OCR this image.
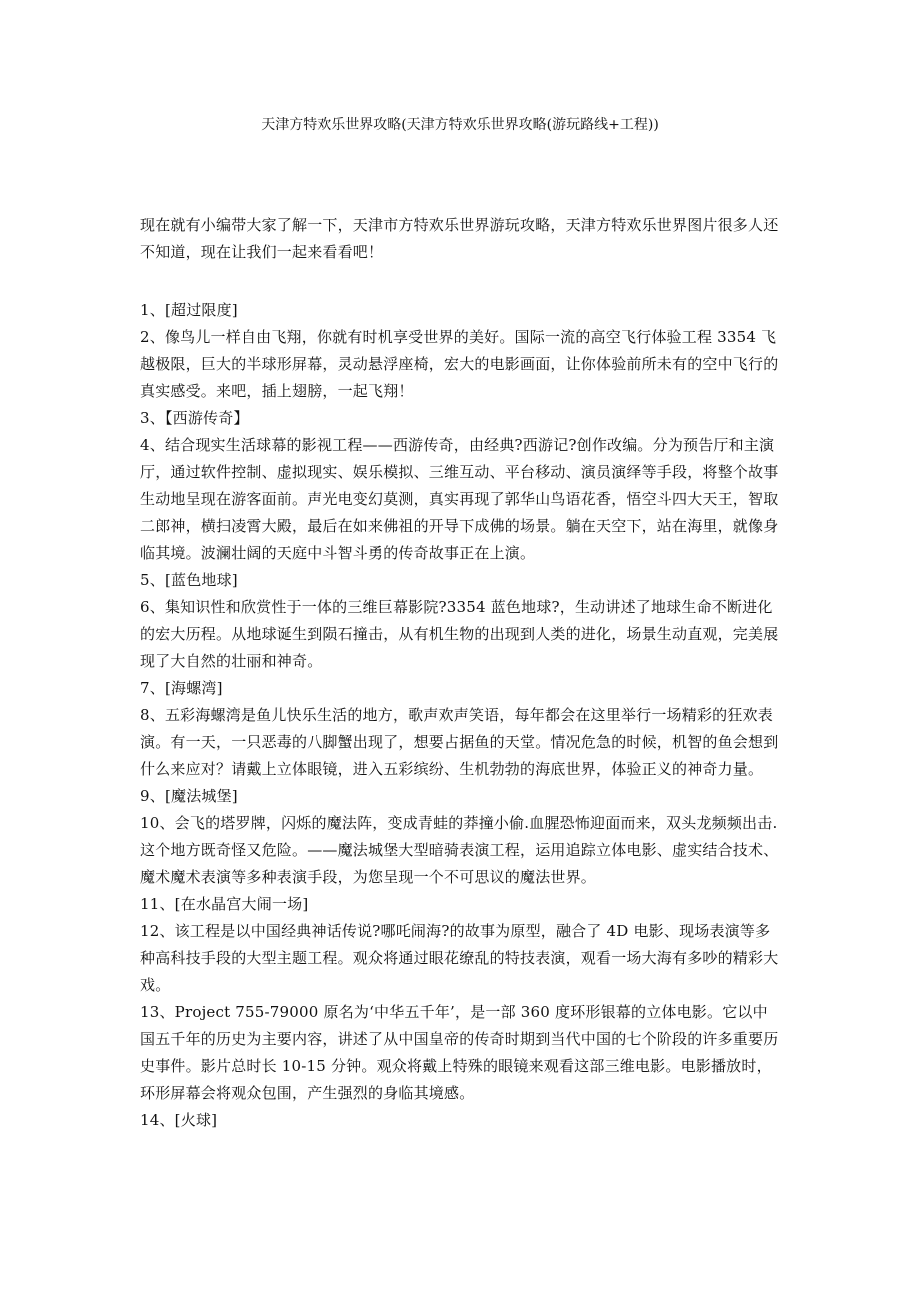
天津方特欢乐世界攻略(天津方特欢乐世界攻略(游玩路线+工程))

现在就有小编带大家了解一下，天津市方特欢乐世界游玩攻略，天津方特欢乐世界图片很多人还不知道，现在让我们一起来看看吧！

1、[超过限度]

2、像鸟儿一样自由飞翔，你就有时机享受世界的美好。国际一流的高空飞行体验工程 3354 飞越极限，巨大的半球形屏幕，灵动悬浮座椅，宏大的电影画面，让你体验前所未有的空中飞行的真实感受。来吧，插上翅膀，一起飞翔！

3、【西游传奇】

4、结合现实生活球幕的影视工程——西游传奇，由经典?西游记?创作改编。分为预告厅和主演厅，通过软件控制、虚拟现实、娱乐模拟、三维互动、平台移动、演员演绎等手段，将整个故事生动地呈现在游客面前。声光电变幻莫测，真实再现了郭华山鸟语花香，悟空斗四大天王，智取二郎神，横扫凌霄大殿，最后在如来佛祖的开导下成佛的场景。躺在天空下，站在海里，就像身临其境。波澜壮阔的天庭中斗智斗勇的传奇故事正在上演。

5、[蓝色地球]

6、集知识性和欣赏性于一体的三维巨幕影院?3354 蓝色地球?，生动讲述了地球生命不断进化的宏大历程。从地球诞生到陨石撞击，从有机生物的出现到人类的进化，场景生动直观，完美展现了大自然的壮丽和神奇。

7、[海螺湾]

8、五彩海螺湾是鱼儿快乐生活的地方，歌声欢声笑语，每年都会在这里举行一场精彩的狂欢表演。有一天，一只恶毒的八脚蟹出现了，想要占据鱼的天堂。情况危急的时候，机智的鱼会想到什么来应对？请戴上立体眼镜，进入五彩缤纷、生机勃勃的海底世界，体验正义的神奇力量。

9、[魔法城堡]

10、会飞的塔罗牌，闪烁的魔法阵，变成青蛙的莽撞小偷.血腥恐怖迎面而来，双头龙频频出击.这个地方既奇怪又危险。——魔法城堡大型暗骑表演工程，运用追踪立体电影、虚实结合技术、魔术魔术表演等多种表演手段，为您呈现一个不可思议的魔法世界。

11、[在水晶宫大闹一场]

12、该工程是以中国经典神话传说?哪吒闹海?的故事为原型，融合了 4D 电影、现场表演等多种高科技手段的大型主题工程。观众将通过眼花缭乱的特技表演，观看一场大海有多吵的精彩大戏。

13、Project 755-79000 原名为‘中华五千年’，是一部 360 度环形银幕的立体电影。它以中国五千年的历史为主要内容，讲述了从中国皇帝的传奇时期到当代中国的七个阶段的许多重要历史事件。影片总时长 10-15 分钟。观众将戴上特殊的眼镜来观看这部三维电影。电影播放时，环形屏幕会将观众包围，产生强烈的身临其境感。

14、[火球]
